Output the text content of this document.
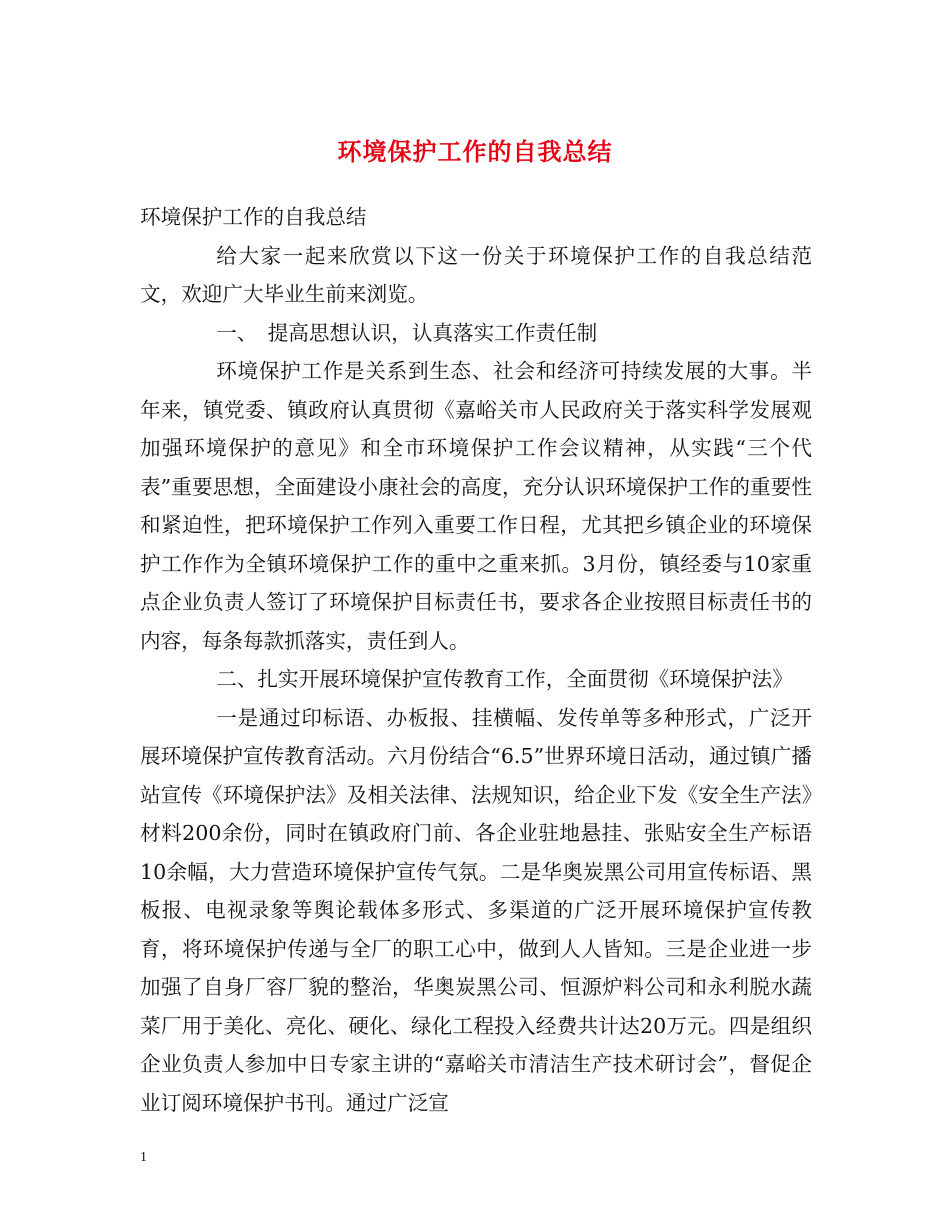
环境保护工作的自我总结

环境保护工作的自我总结

给大家一起来欣赏以下这一份关于环境保护工作的自我总结范文，欢迎广大毕业生前来浏览。

一、　提高思想认识，认真落实工作责任制

环境保护工作是关系到生态、社会和经济可持续发展的大事。半年来，镇党委、镇政府认真贯彻《嘉峪关市人民政府关于落实科学发展观加强环境保护的意见》和全市环境保护工作会议精神，从实践“三个代表”重要思想，全面建设小康社会的高度，充分认识环境保护工作的重要性和紧迫性，把环境保护工作列入重要工作日程，尤其把乡镇企业的环境保护工作作为全镇环境保护工作的重中之重来抓。3月份，镇经委与10家重点企业负责人签订了环境保护目标责任书，要求各企业按照目标责任书的内容，每条每款抓落实，责任到人。

二、扎实开展环境保护宣传教育工作，全面贯彻《环境保护法》

一是通过印标语、办板报、挂横幅、发传单等多种形式，广泛开展环境保护宣传教育活动。六月份结合“6.5”世界环境日活动，通过镇广播站宣传《环境保护法》及相关法律、法规知识，给企业下发《安全生产法》材料200余份，同时在镇政府门前、各企业驻地悬挂、张贴安全生产标语10余幅，大力营造环境保护宣传气氛。二是华奥炭黑公司用宣传标语、黑板报、电视录象等舆论载体多形式、多渠道的广泛开展环境保护宣传教育，将环境保护传递与全厂的职工心中，做到人人皆知。三是企业进一步加强了自身厂容厂貌的整治，华奥炭黑公司、恒源炉料公司和永利脱水蔬菜厂用于美化、亮化、硬化、绿化工程投入经费共计达20万元。四是组织企业负责人参加中日专家主讲的“嘉峪关市清洁生产技术研讨会”，督促企业订阅环境保护书刊。通过广泛宣

1
